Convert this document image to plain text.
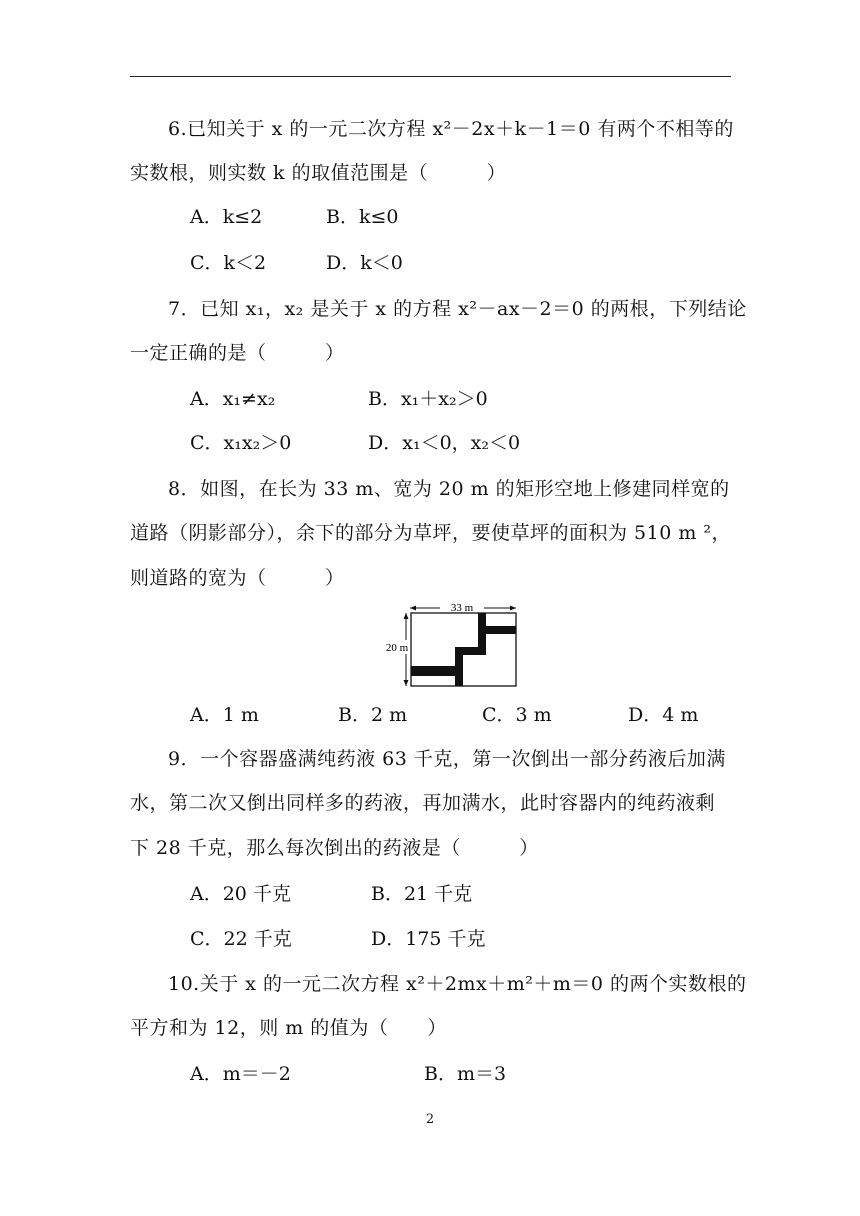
6.已知关于 x 的一元二次方程 x²－2x＋k－1＝0 有两个不相等的
实数根，则实数 k 的取值范围是（　　　）
A．k≤2	B．k≤0
C．k＜2	D．k＜0
7．已知 x₁，x₂ 是关于 x 的方程 x²－ax－2＝0 的两根，下列结论
一定正确的是（　　　）
A．x₁≠x₂	B．x₁＋x₂＞0
C．x₁x₂＞0	D．x₁＜0，x₂＜0
8．如图，在长为 33 m、宽为 20 m 的矩形空地上修建同样宽的
道路（阴影部分），余下的部分为草坪，要使草坪的面积为 510 m ²，
则道路的宽为（　　　）
33 m
20 m
A．1 m	B．2 m	C．3 m	D．4 m
9．一个容器盛满纯药液 63 千克，第一次倒出一部分药液后加满
水，第二次又倒出同样多的药液，再加满水，此时容器内的纯药液剩
下 28 千克，那么每次倒出的药液是（　　　）
A．20 千克	B．21 千克
C．22 千克	D．175 千克
10.关于 x 的一元二次方程 x²＋2mx＋m²＋m＝0 的两个实数根的
平方和为 12，则 m 的值为（　　）
A．m＝－2	B．m＝3
2
